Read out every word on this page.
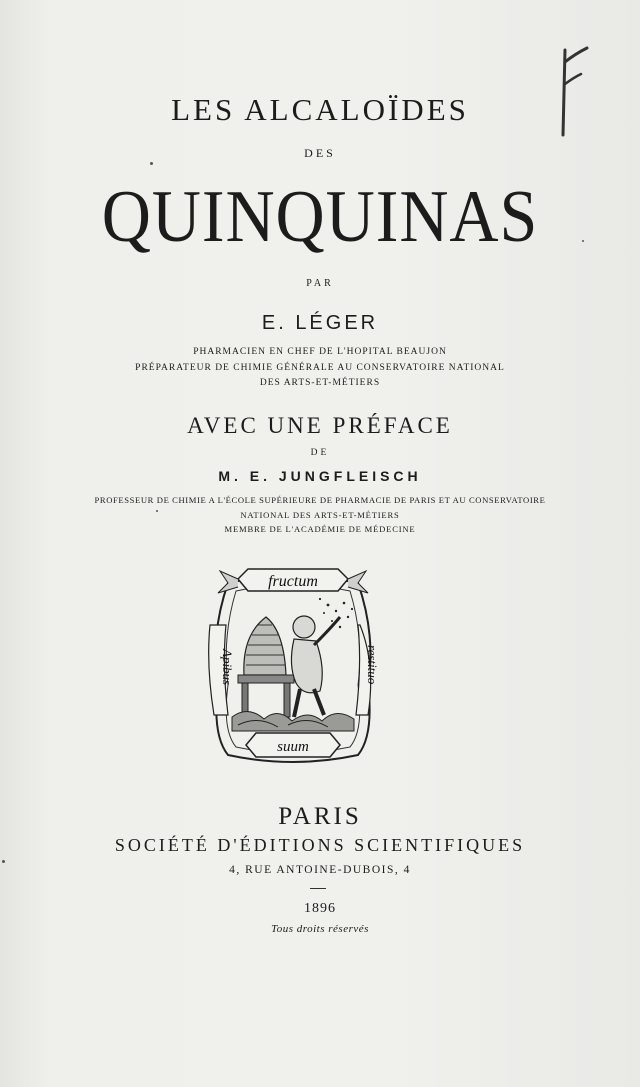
LES ALCALOÏDES
DES
QUINQUINAS
PAR
E. LÉGER
PHARMACIEN EN CHEF DE L'HOPITAL BEAUJON
PRÉPARATEUR DE CHIMIE GÉNÉRALE AU CONSERVATOIRE NATIONAL
DES ARTS-ET-MÉTIERS
AVEC UNE PRÉFACE
DE
M. E. JUNGFLEISCH
PROFESSEUR DE CHIMIE A L'ÉCOLE SUPÉRIEURE DE PHARMACIE DE PARIS ET AU CONSERVATOIRE
NATIONAL DES ARTS-ET-MÉTIERS
MEMBRE DE L'ACADÉMIE DE MÉDECINE
fructum
suum
Apibus	restituo
PARIS
SOCIÉTÉ D'ÉDITIONS SCIENTIFIQUES
4, RUE ANTOINE-DUBOIS, 4
1896
Tous droits réservés
